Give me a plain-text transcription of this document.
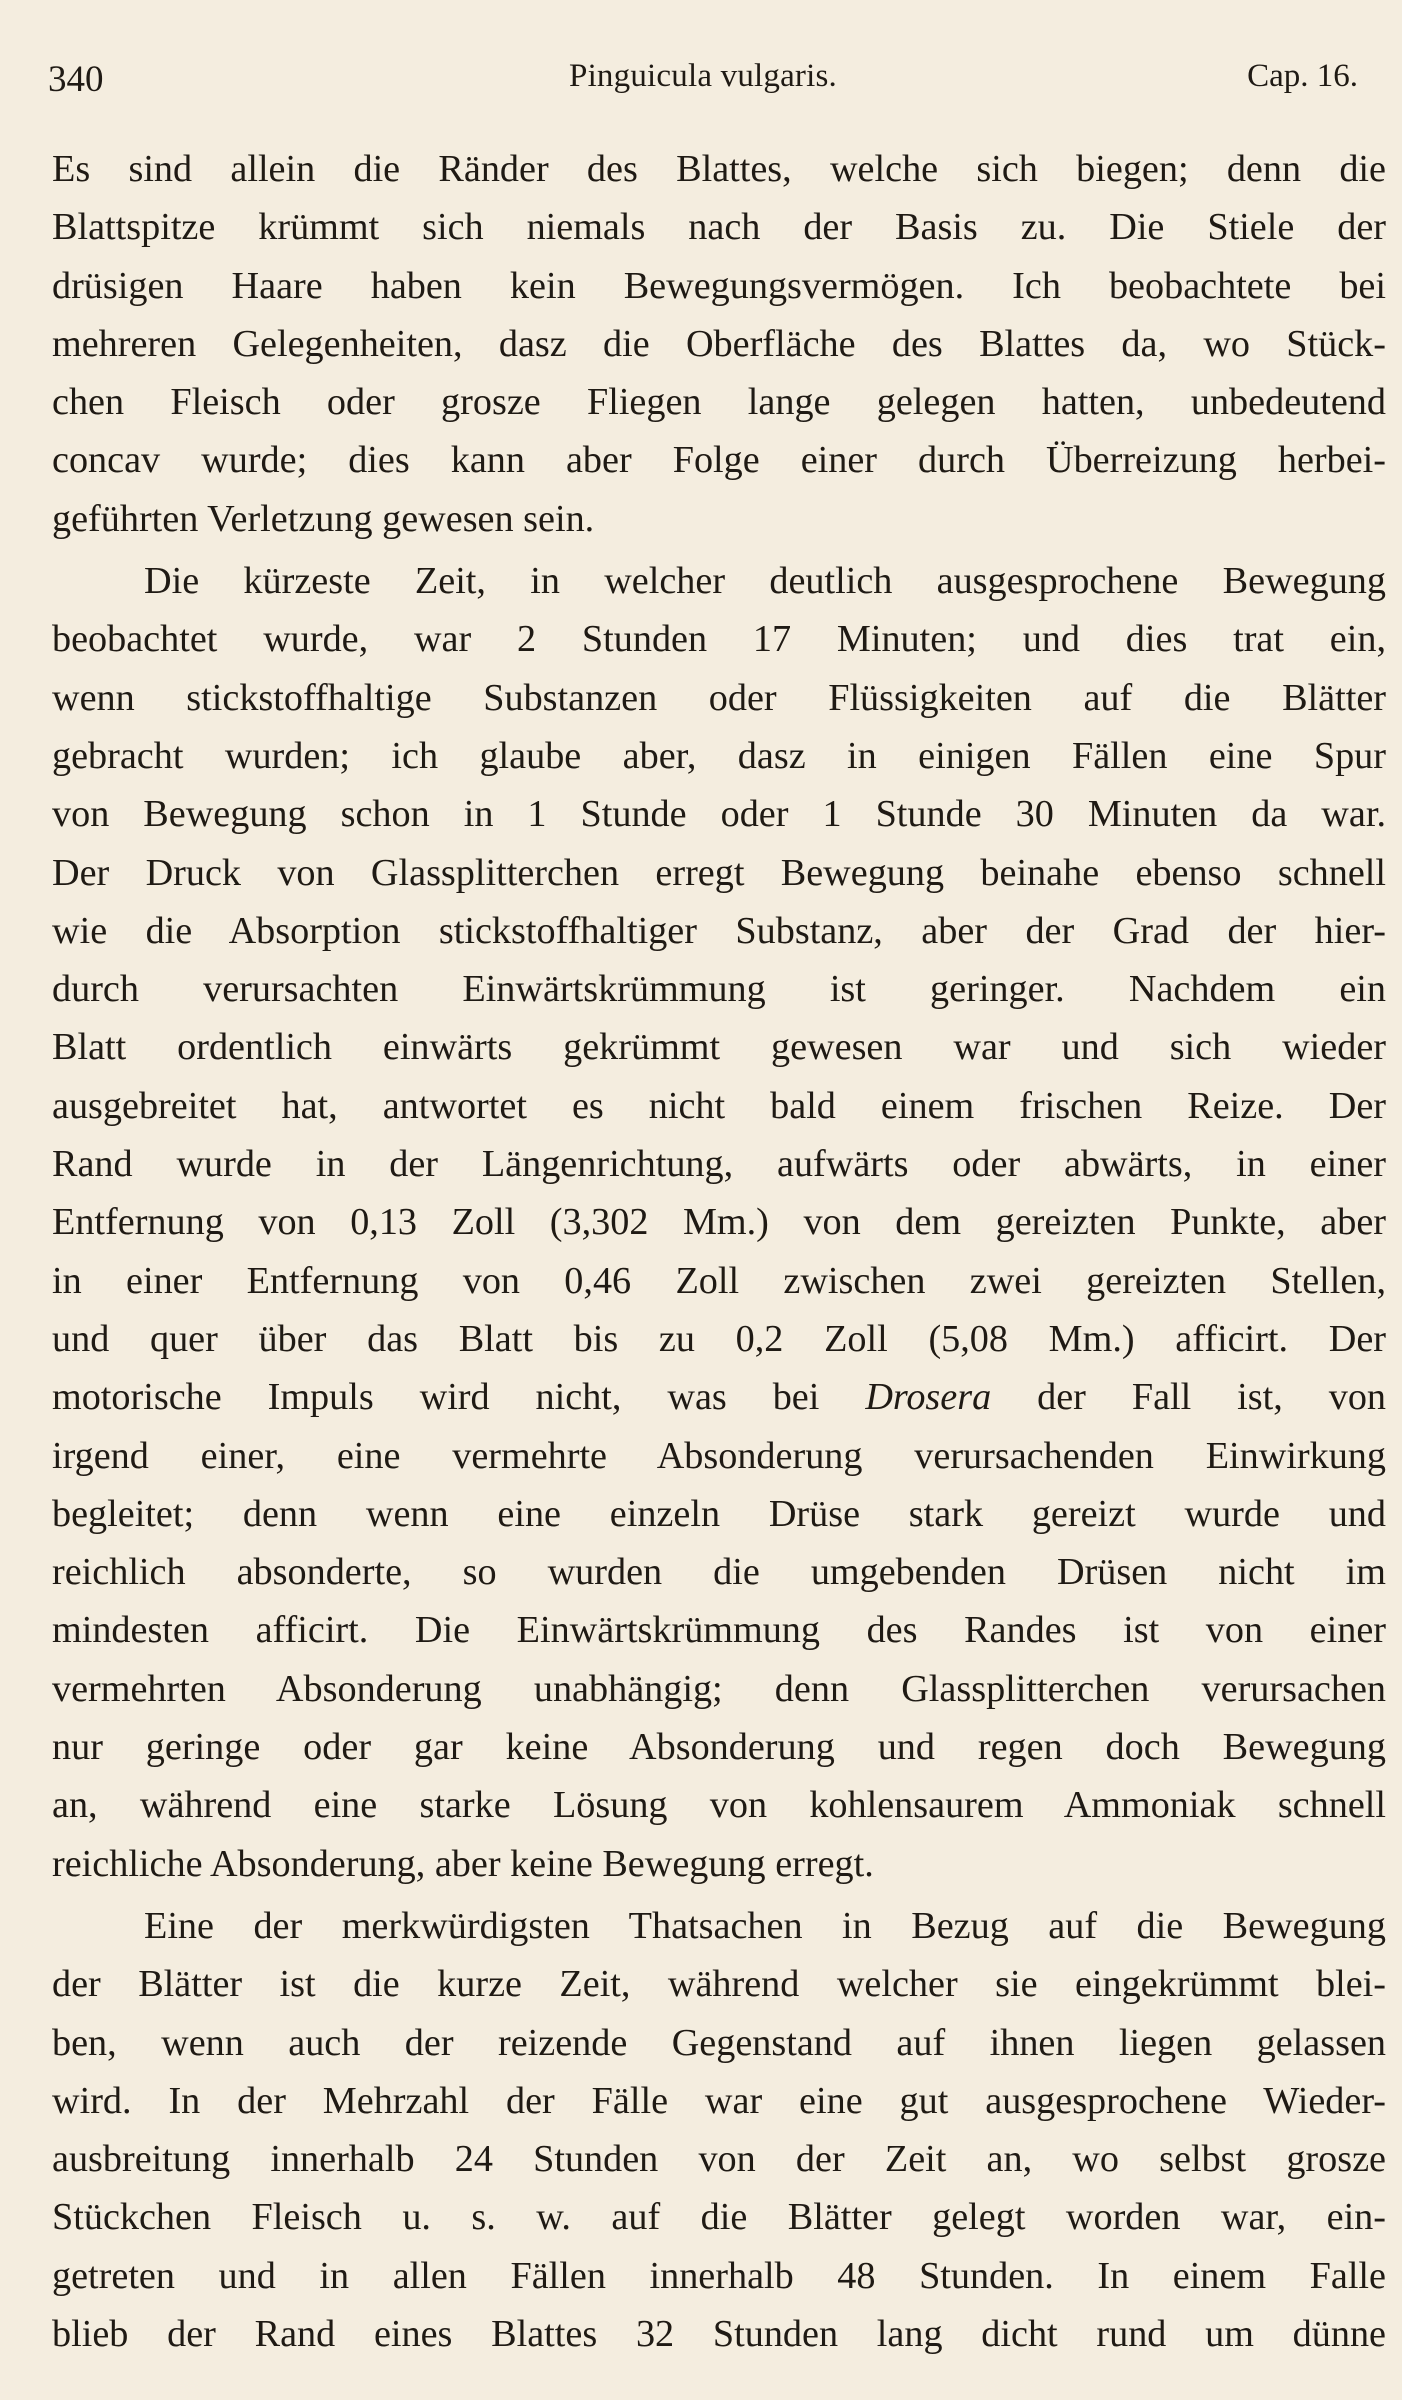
340	Pinguicula vulgaris.	Cap. 16.
Es sind allein die Ränder des Blattes, welche sich biegen; denn die
Blattspitze krümmt sich niemals nach der Basis zu. Die Stiele der
drüsigen Haare haben kein Bewegungsvermögen. Ich beobachtete bei
mehreren Gelegenheiten, dasz die Oberfläche des Blattes da, wo Stück-
chen Fleisch oder grosze Fliegen lange gelegen hatten, unbedeutend
concav wurde; dies kann aber Folge einer durch Überreizung herbei-
geführten Verletzung gewesen sein.
Die kürzeste Zeit, in welcher deutlich ausgesprochene Bewegung
beobachtet wurde, war 2 Stunden 17 Minuten; und dies trat ein,
wenn stickstoffhaltige Substanzen oder Flüssigkeiten auf die Blätter
gebracht wurden; ich glaube aber, dasz in einigen Fällen eine Spur
von Bewegung schon in 1 Stunde oder 1 Stunde 30 Minuten da war.
Der Druck von Glassplitterchen erregt Bewegung beinahe ebenso schnell
wie die Absorption stickstoffhaltiger Substanz, aber der Grad der hier-
durch verursachten Einwärtskrümmung ist geringer. Nachdem ein
Blatt ordentlich einwärts gekrümmt gewesen war und sich wieder
ausgebreitet hat, antwortet es nicht bald einem frischen Reize. Der
Rand wurde in der Längenrichtung, aufwärts oder abwärts, in einer
Entfernung von 0,13 Zoll (3,302 Mm.) von dem gereizten Punkte, aber
in einer Entfernung von 0,46 Zoll zwischen zwei gereizten Stellen,
und quer über das Blatt bis zu 0,2 Zoll (5,08 Mm.) afficirt. Der
motorische Impuls wird nicht, was bei Drosera der Fall ist, von
irgend einer, eine vermehrte Absonderung verursachenden Einwirkung
begleitet; denn wenn eine einzeln Drüse stark gereizt wurde und
reichlich absonderte, so wurden die umgebenden Drüsen nicht im
mindesten afficirt. Die Einwärtskrümmung des Randes ist von einer
vermehrten Absonderung unabhängig; denn Glassplitterchen verursachen
nur geringe oder gar keine Absonderung und regen doch Bewegung
an, während eine starke Lösung von kohlensaurem Ammoniak schnell
reichliche Absonderung, aber keine Bewegung erregt.
Eine der merkwürdigsten Thatsachen in Bezug auf die Bewegung
der Blätter ist die kurze Zeit, während welcher sie eingekrümmt blei-
ben, wenn auch der reizende Gegenstand auf ihnen liegen gelassen
wird. In der Mehrzahl der Fälle war eine gut ausgesprochene Wieder-
ausbreitung innerhalb 24 Stunden von der Zeit an, wo selbst grosze
Stückchen Fleisch u. s. w. auf die Blätter gelegt worden war, ein-
getreten und in allen Fällen innerhalb 48 Stunden. In einem Falle
blieb der Rand eines Blattes 32 Stunden lang dicht rund um dünne
